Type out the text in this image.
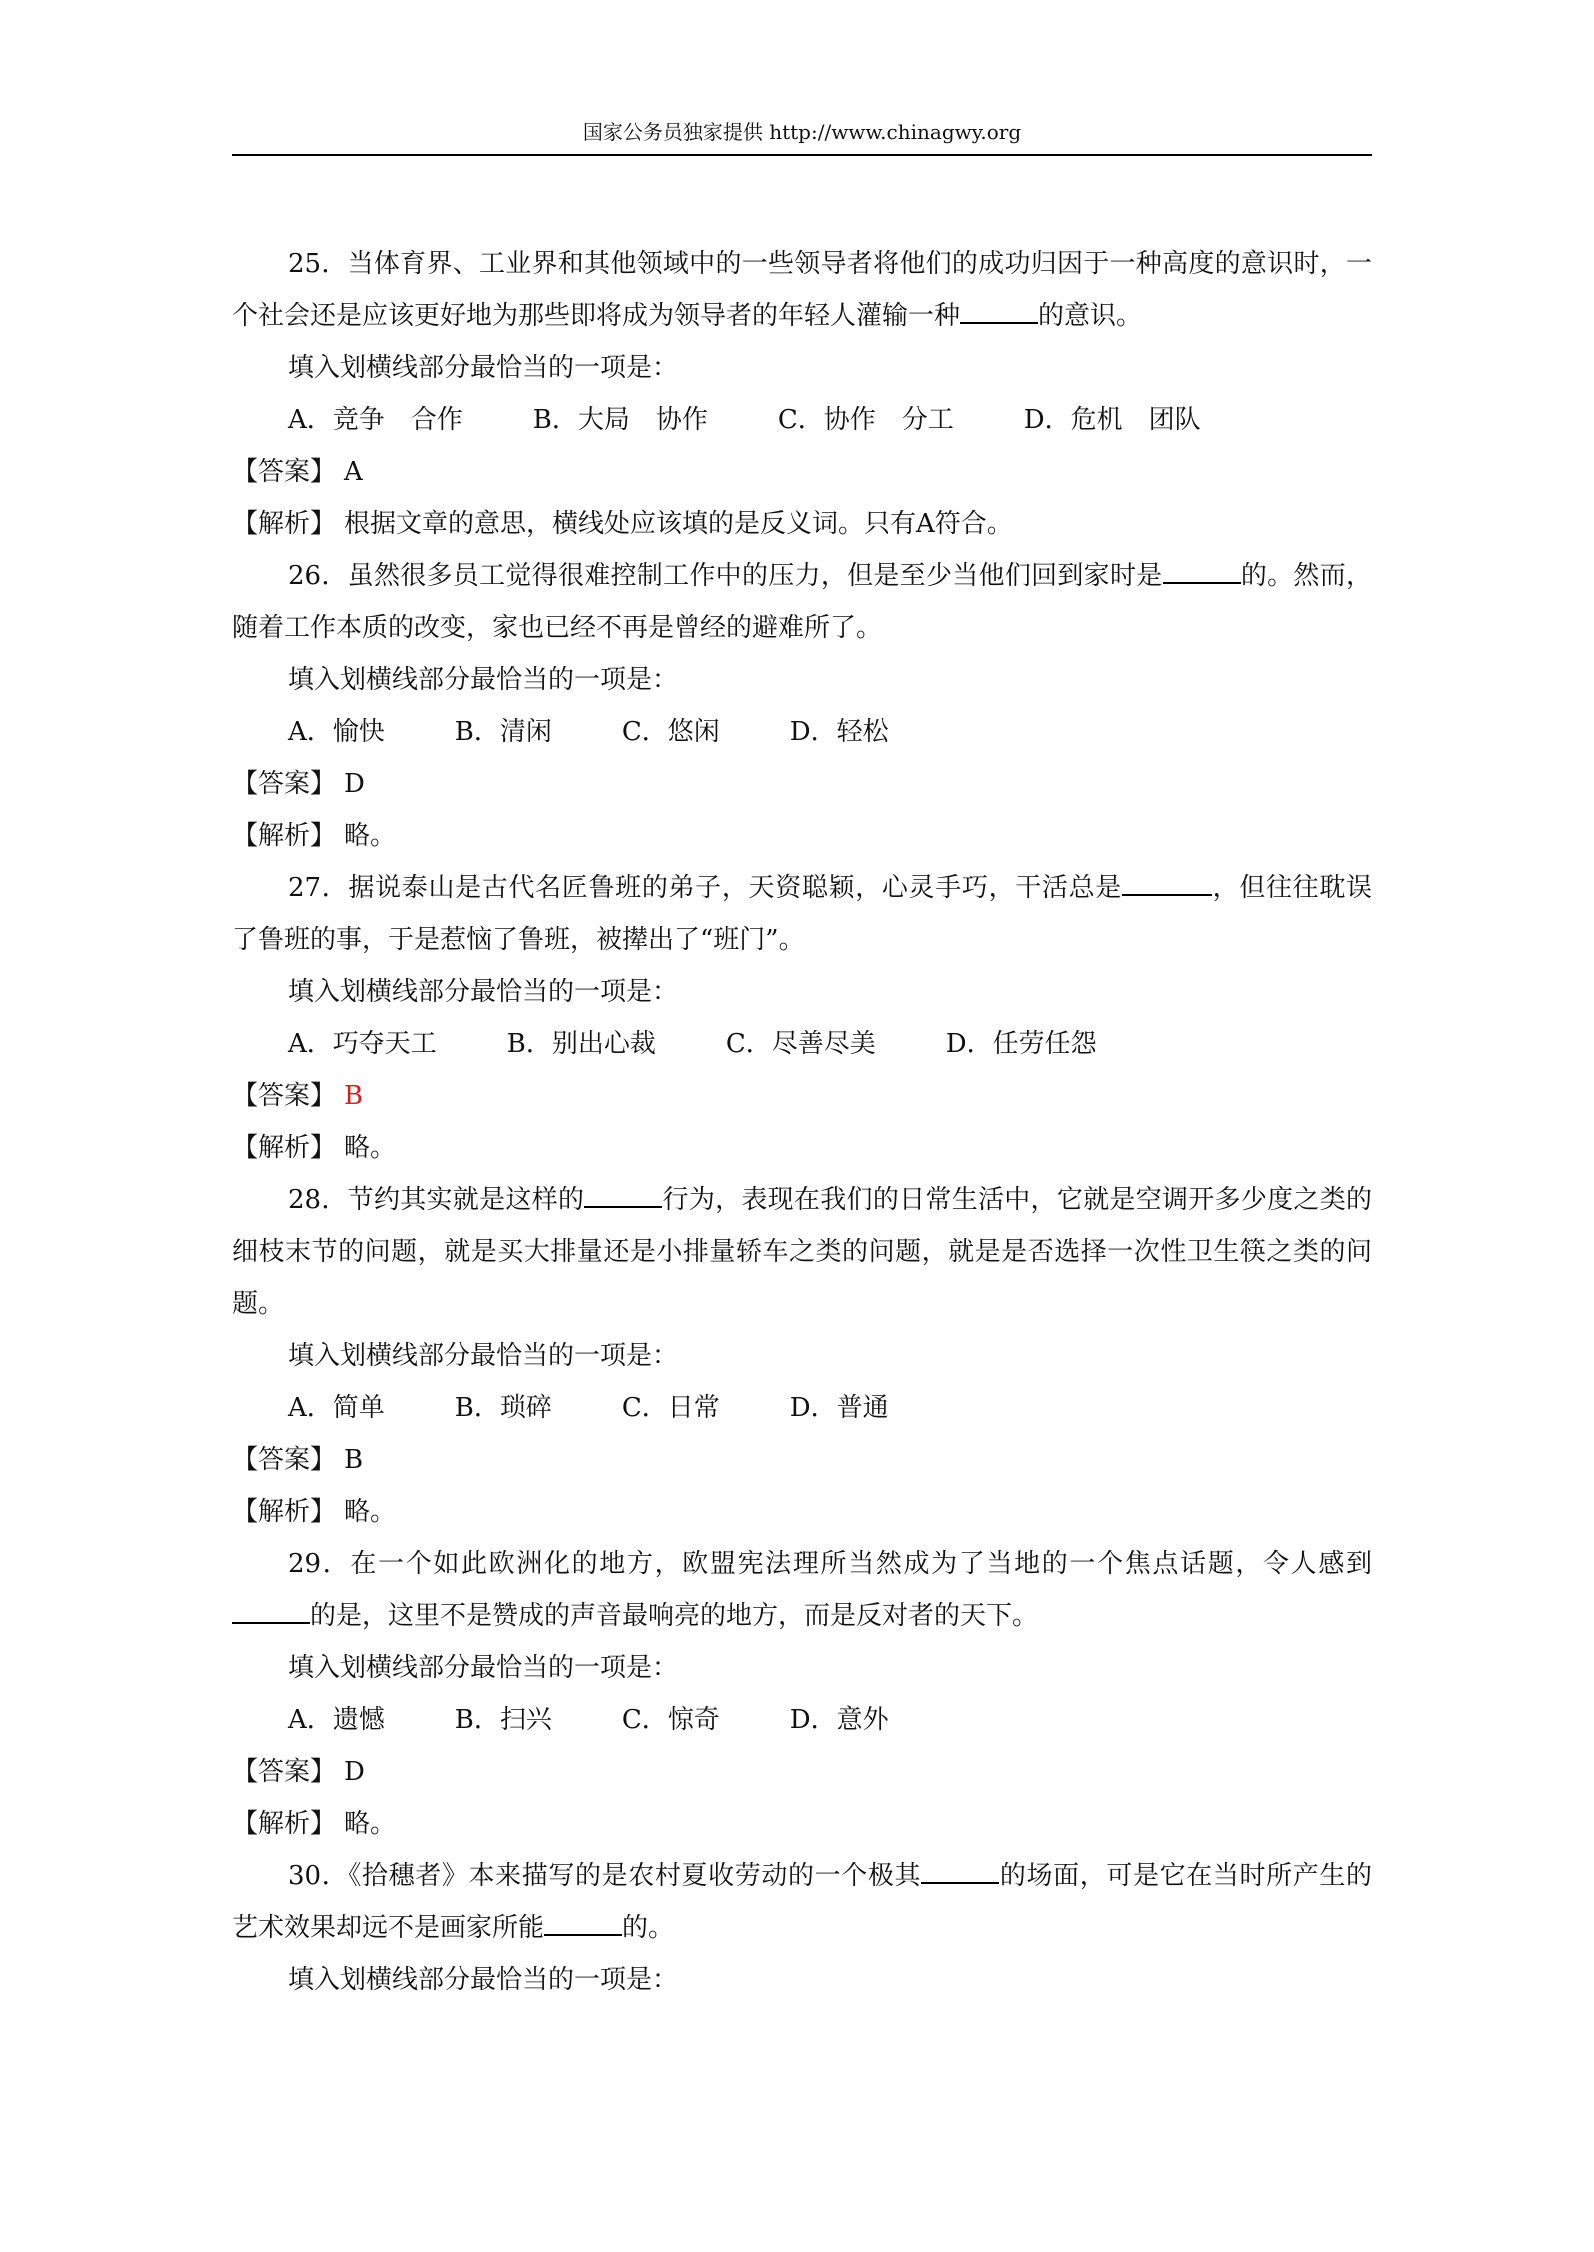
国家公务员独家提供 http://www.chinagwy.org

25．当体育界、工业界和其他领域中的一些领导者将他们的成功归因于一种高度的意识时，一个社会还是应该更好地为那些即将成为领导者的年轻人灌输一种	的意识。

填入划横线部分最恰当的一项是：

A．竞争　合作	B．大局　协作	C．协作　分工	D．危机　团队

【答案】 A

【解析】 根据文章的意思，横线处应该填的是反义词。只有A符合。

26．虽然很多员工觉得很难控制工作中的压力，但是至少当他们回到家时是	的。然而，随着工作本质的改变，家也已经不再是曾经的避难所了。

填入划横线部分最恰当的一项是：

A．愉快	B．清闲	C．悠闲	D．轻松

【答案】 D

【解析】 略。

27．据说泰山是古代名匠鲁班的弟子，天资聪颖，心灵手巧，干活总是	，但往往耽误了鲁班的事，于是惹恼了鲁班，被撵出了“班门”。

填入划横线部分最恰当的一项是：

A．巧夺天工	B．别出心裁	C．尽善尽美	D．任劳任怨

【答案】 B

【解析】 略。

28．节约其实就是这样的	行为，表现在我们的日常生活中，它就是空调开多少度之类的细枝末节的问题，就是买大排量还是小排量轿车之类的问题，就是是否选择一次性卫生筷之类的问题。

填入划横线部分最恰当的一项是：

A．简单	B．琐碎	C．日常	D．普通

【答案】 B

【解析】 略。

29．在一个如此欧洲化的地方，欧盟宪法理所当然成为了当地的一个焦点话题，令人感到的是，这里不是赞成的声音最响亮的地方，而是反对者的天下。

填入划横线部分最恰当的一项是：

A．遗憾	B．扫兴	C．惊奇	D．意外

【答案】 D

【解析】 略。

30．《拾穗者》本来描写的是农村夏收劳动的一个极其	的场面，可是它在当时所产生的艺术效果却远不是画家所能	的。

填入划横线部分最恰当的一项是：
